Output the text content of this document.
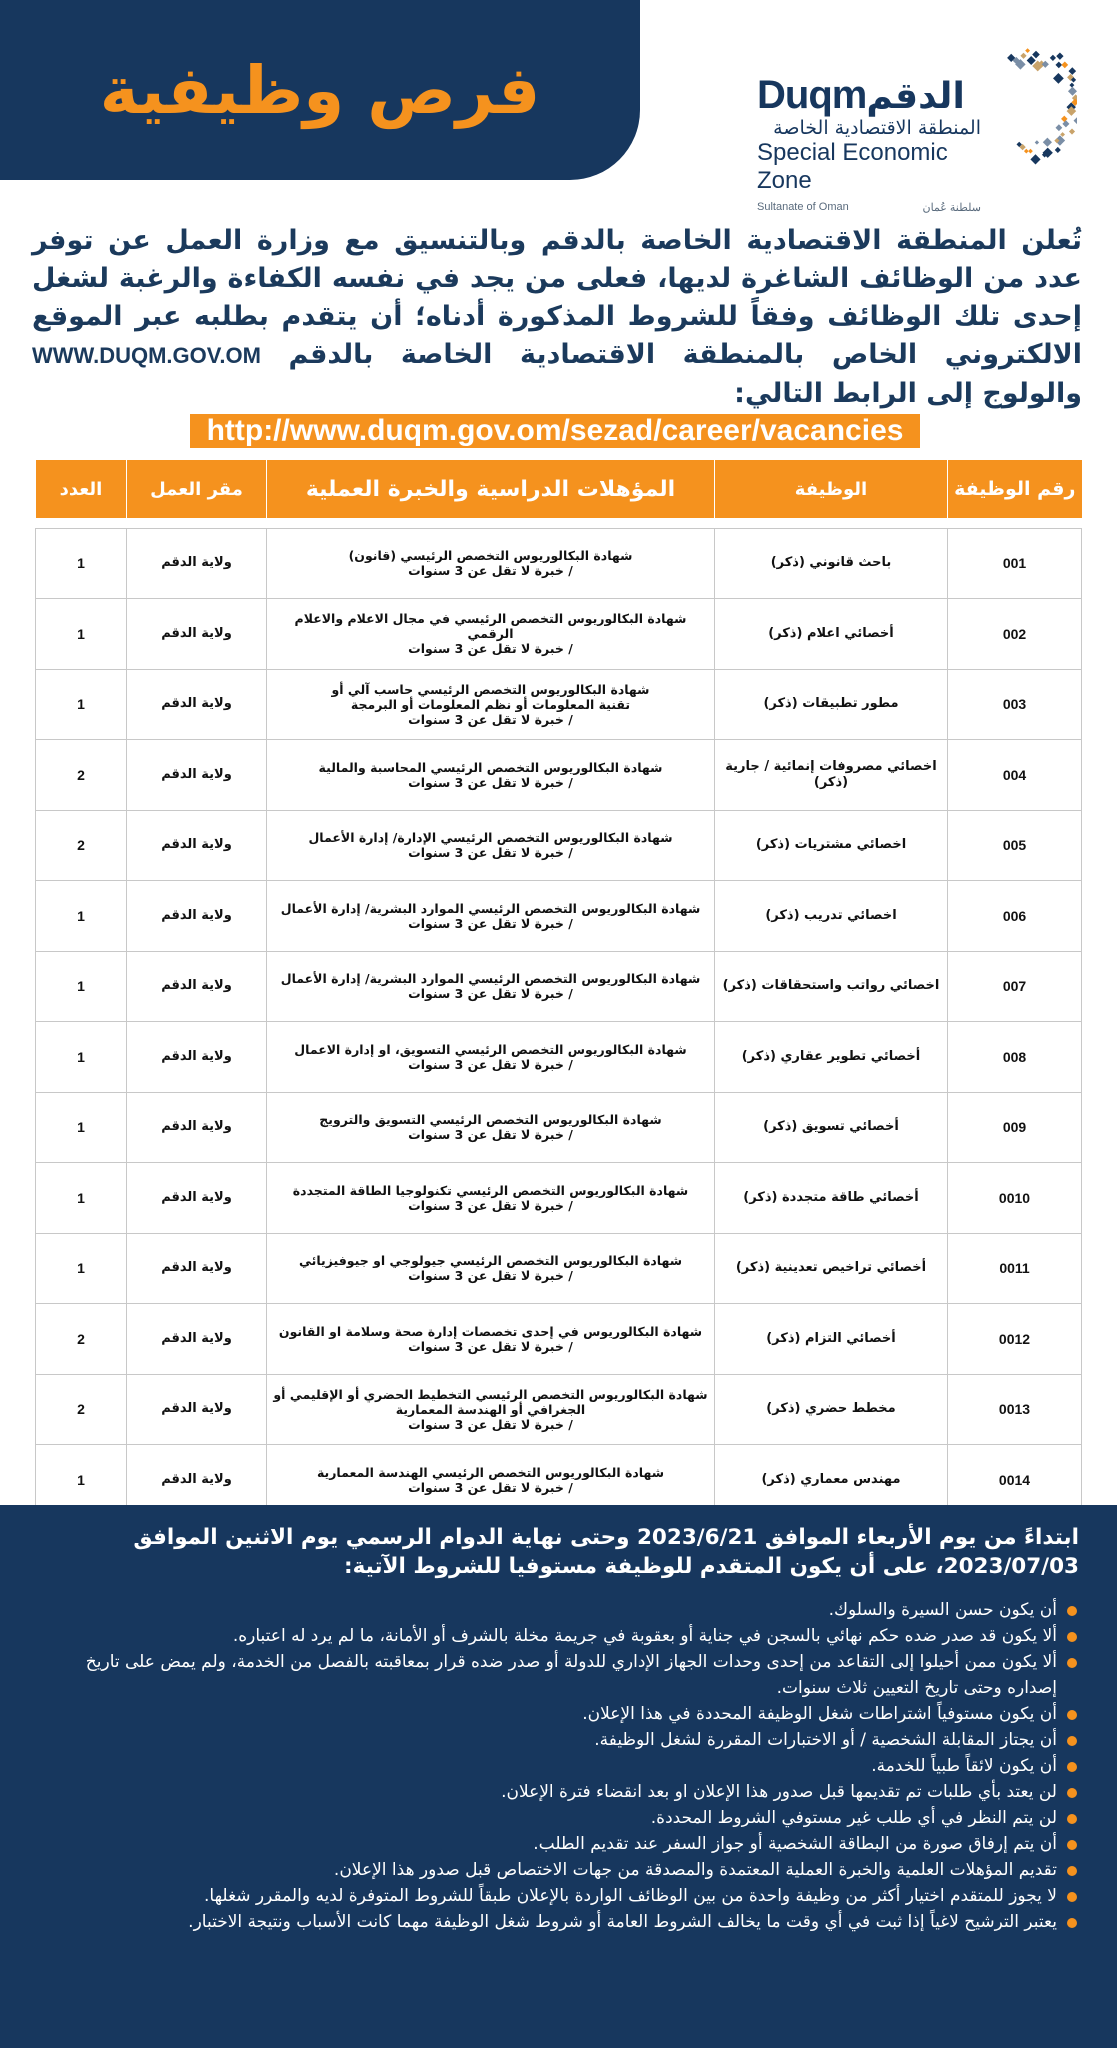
فرص وظيفية	Duqmالدقم
المنطقة الاقتصادية الخاصة
Special Economic Zone
Sultanate of Oman	سلطنة عُمان
تُعلن المنطقة الاقتصادية الخاصة بالدقم وبالتنسيق مع وزارة العمل عن توفر عدد من الوظائف الشاغرة لديها، فعلى من يجد في نفسه الكفاءة والرغبة لشغل إحدى تلك الوظائف وفقاً للشروط المذكورة أدناه؛ أن يتقدم بطلبه عبر الموقع الالكتروني الخاص بالمنطقة الاقتصادية الخاصة بالدقم WWW.DUQM.GOV.OM والولوج إلى الرابط التالي:
http://www.duqm.gov.om/sezad/career/vacancies
رقم الوظيفة	الوظيفة	المؤهلات الدراسية والخبرة العملية	مقر العمل	العدد

001	باحث قانوني (ذكر)	شهادة البكالوريوس التخصص الرئيسي (قانون)
/ خبرة لا تقل عن 3 سنوات	ولاية الدقم	1
002	أخصائي اعلام (ذكر)	شهادة البكالوريوس التخصص الرئيسي في مجال الاعلام والاعلام الرقمي
/ خبرة لا تقل عن 3 سنوات	ولاية الدقم	1
003	مطور تطبيقات (ذكر)	شهادة البكالوريوس التخصص الرئيسي حاسب آلي أو
تقنية المعلومات أو نظم المعلومات أو البرمجة
/ خبرة لا تقل عن 3 سنوات	ولاية الدقم	1
004	اخصائي مصروفات إنمائية / جارية (ذكر)	شهادة البكالوريوس التخصص الرئيسي المحاسبة والمالية
/ خبرة لا تقل عن 3 سنوات	ولاية الدقم	2
005	اخصائي مشتريات (ذكر)	شهادة البكالوريوس التخصص الرئيسي الإدارة/ إدارة الأعمال
/ خبرة لا تقل عن 3 سنوات	ولاية الدقم	2
006	اخصائي تدريب (ذكر)	شهادة البكالوريوس التخصص الرئيسي الموارد البشرية/ إدارة الأعمال
/ خبرة لا تقل عن 3 سنوات	ولاية الدقم	1
007	اخصائي رواتب واستحقاقات (ذكر)	شهادة البكالوريوس التخصص الرئيسي الموارد البشرية/ إدارة الأعمال
/ خبرة لا تقل عن 3 سنوات	ولاية الدقم	1
008	أخصائي تطوير عقاري (ذكر)	شهادة البكالوريوس التخصص الرئيسي التسويق، او إدارة الاعمال
/ خبرة لا تقل عن 3 سنوات	ولاية الدقم	1
009	أخصائي تسويق (ذكر)	شهادة البكالوريوس التخصص الرئيسي التسويق والترويج
/ خبرة لا تقل عن 3 سنوات	ولاية الدقم	1
0010	أخصائي طاقة متجددة (ذكر)	شهادة البكالوريوس التخصص الرئيسي تكنولوجيا الطاقة المتجددة
/ خبرة لا تقل عن 3 سنوات	ولاية الدقم	1
0011	أخصائي تراخيص تعدينية (ذكر)	شهادة البكالوريوس التخصص الرئيسي جيولوجي او جيوفيزيائي
/ خبرة لا تقل عن 3 سنوات	ولاية الدقم	1
0012	أخصائي التزام (ذكر)	شهادة البكالوريوس في إحدى تخصصات إدارة صحة وسلامة او القانون
/ خبرة لا تقل عن 3 سنوات	ولاية الدقم	2
0013	مخطط حضري (ذكر)	شهادة البكالوريوس التخصص الرئيسي التخطيط الحضري أو الإقليمي أو
الجغرافي أو الهندسة المعمارية
/ خبرة لا تقل عن 3 سنوات	ولاية الدقم	2
0014	مهندس معماري (ذكر)	شهادة البكالوريوس التخصص الرئيسي الهندسة المعمارية
/ خبرة لا تقل عن 3 سنوات	ولاية الدقم	1
ابتداءً من يوم الأربعاء الموافق 2023/6/21 وحتى نهاية الدوام الرسمي يوم الاثنين الموافق 2023/07/03، على أن يكون المتقدم للوظيفة مستوفيا للشروط الآتية:
أن يكون حسن السيرة والسلوك.
ألا يكون قد صدر ضده حكم نهائي بالسجن في جناية أو بعقوبة في جريمة مخلة بالشرف أو الأمانة، ما لم يرد له اعتباره.
ألا يكون ممن أحيلوا إلى التقاعد من إحدى وحدات الجهاز الإداري للدولة أو صدر ضده قرار بمعاقبته بالفصل من الخدمة، ولم يمض على تاريخ إصداره وحتى تاريخ التعيين ثلاث سنوات.
أن يكون مستوفياً اشتراطات شغل الوظيفة المحددة في هذا الإعلان.
أن يجتاز المقابلة الشخصية / أو الاختبارات المقررة لشغل الوظيفة.
أن يكون لائقاً طبياً للخدمة.
لن يعتد بأي طلبات تم تقديمها قبل صدور هذا الإعلان او بعد انقضاء فترة الإعلان.
لن يتم النظر في أي طلب غير مستوفي الشروط المحددة.
أن يتم إرفاق صورة من البطاقة الشخصية أو جواز السفر عند تقديم الطلب.
تقديم المؤهلات العلمية والخبرة العملية المعتمدة والمصدقة من جهات الاختصاص قبل صدور هذا الإعلان.
لا يجوز للمتقدم اختيار أكثر من وظيفة واحدة من بين الوظائف الواردة بالإعلان طبقاً للشروط المتوفرة لديه والمقرر شغلها.
يعتبر الترشيح لاغياً إذا ثبت في أي وقت ما يخالف الشروط العامة أو شروط شغل الوظيفة مهما كانت الأسباب ونتيجة الاختبار.
